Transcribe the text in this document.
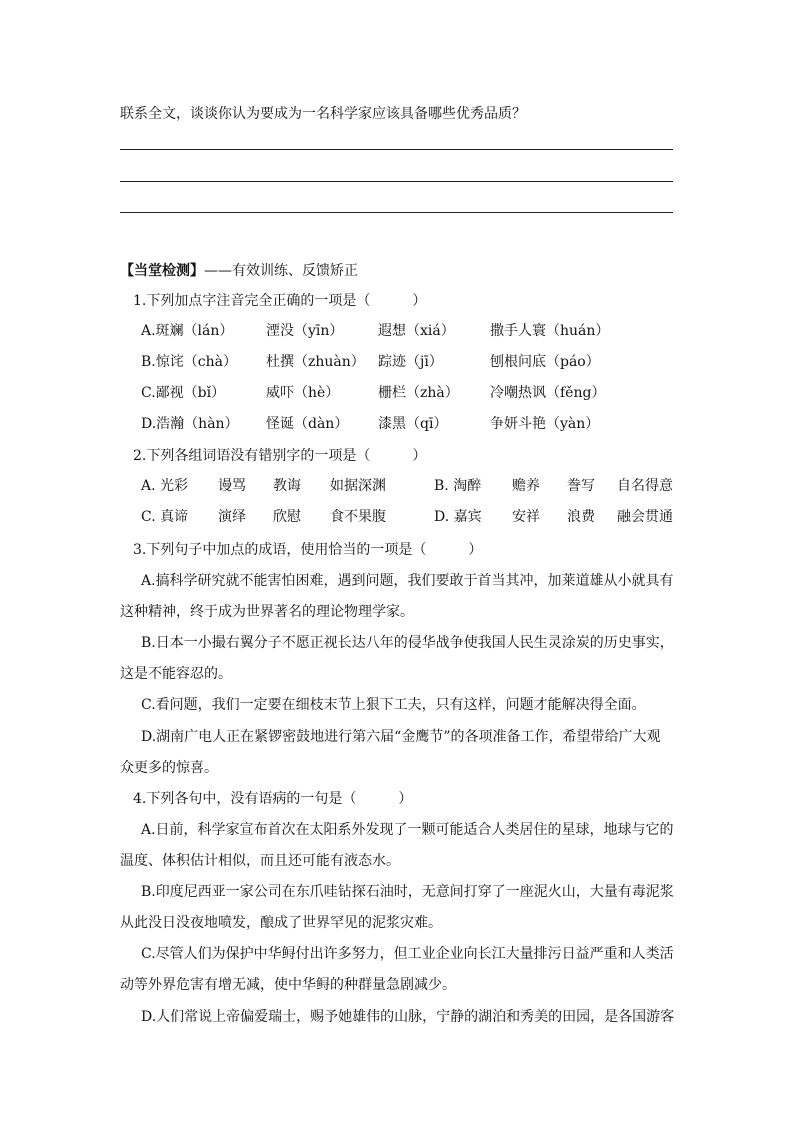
联系全文，谈谈你认为要成为一名科学家应该具备哪些优秀品质？
【当堂检测】——有效训练、反馈矫正
1.下列加点字注音完全正确的一项是（　　　）
A.斑斓（lán） 湮没（yīn） 遐想（xiá）	撒手人寰（huán）
B.惊诧（chà） 杜撰（zhuàn） 踪迹（jī）	刨根问底（páo）
C.鄙视（bǐ）	威吓（hè）	栅栏（zhà） 冷嘲热讽（fěng）
D.浩瀚（hàn） 怪诞（dàn） 漆黑（qī）	争妍斗艳（yàn）
2.下列各组词语没有错别字的一项是（　　　）
A. 光彩 谩骂 教诲 如据深渊	B. 淘醉 赡养 誊写 自名得意
C. 真谛 演绎 欣慰 食不果腹	D. 嘉宾 安祥 浪费 融会贯通
3.下列句子中加点的成语，使用恰当的一项是（　　　）
A.搞科学研究就不能害怕困难，遇到问题，我们要敢于首当其冲，加莱道雄从小就具有
这种精神，终于成为世界著名的理论物理学家。
B.日本一小撮右翼分子不愿正视长达八年的侵华战争使我国人民生灵涂炭的历史事实，
这是不能容忍的。
C.看问题，我们一定要在细枝末节上狠下工夫，只有这样，问题才能解决得全面。
D.湖南广电人正在紧锣密鼓地进行第六届“金鹰节”的各项准备工作，希望带给广大观
众更多的惊喜。
4.下列各句中，没有语病的一句是（　　　）
A.日前，科学家宣布首次在太阳系外发现了一颗可能适合人类居住的星球，地球与它的
温度、体积估计相似，而且还可能有液态水。
B.印度尼西亚一家公司在东爪哇钻探石油时，无意间打穿了一座泥火山，大量有毒泥浆
从此没日没夜地喷发，酿成了世界罕见的泥浆灾难。
C.尽管人们为保护中华鲟付出许多努力，但工业企业向长江大量排污日益严重和人类活
动等外界危害有增无减，使中华鲟的种群量急剧减少。
D.人们常说上帝偏爱瑞士，赐予她雄伟的山脉，宁静的湖泊和秀美的田园，是各国游客
